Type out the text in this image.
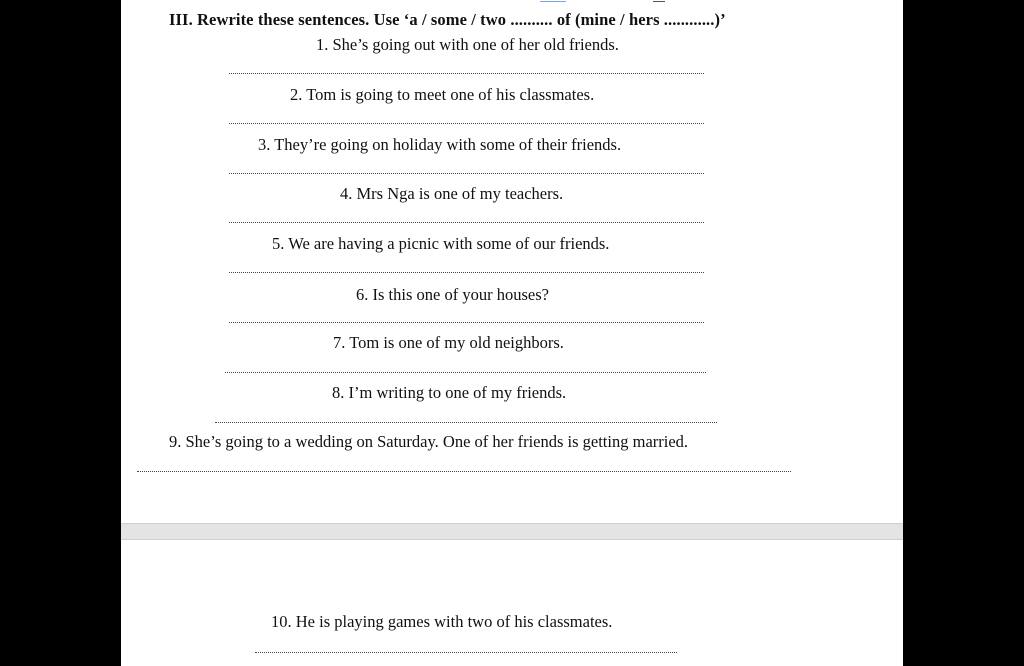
III. Rewrite these sentences. Use ‘a / some / two .......... of (mine / hers ............)’
1. She’s going out with one of her old friends.
2. Tom is going to meet one of his classmates.
3. They’re going on holiday with some of their friends.
4. Mrs Nga is one of my teachers.
5. We are having a picnic with some of our friends.
6. Is this one of your houses?
7. Tom is one of my old neighbors.
8. I’m writing to one of my friends.
9. She’s going to a wedding on Saturday. One of her friends is getting married.
10. He is playing games with two of his classmates.
